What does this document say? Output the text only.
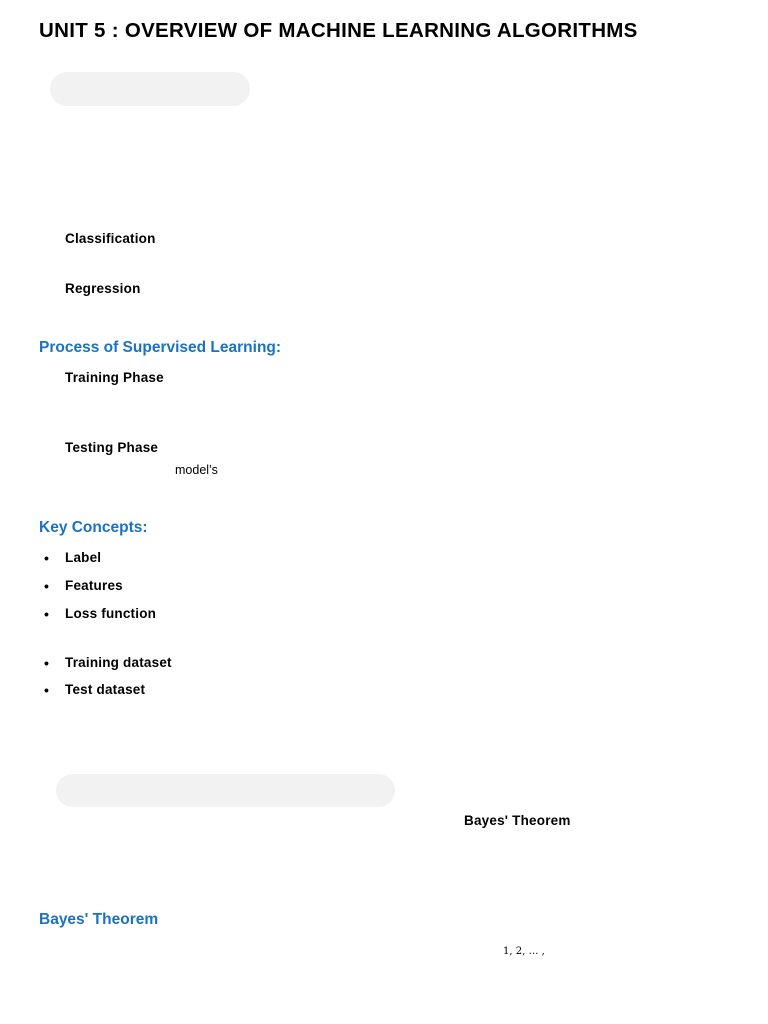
UNIT 5 : OVERVIEW OF MACHINE LEARNING ALGORITHMS
Classification
Regression
Process of Supervised Learning:
Training Phase
Testing Phase
model’s
Key Concepts:
• Label
• Features
• Loss function
• Training dataset
• Test dataset
Bayes' Theorem
Bayes' Theorem
1, 2, … ,
